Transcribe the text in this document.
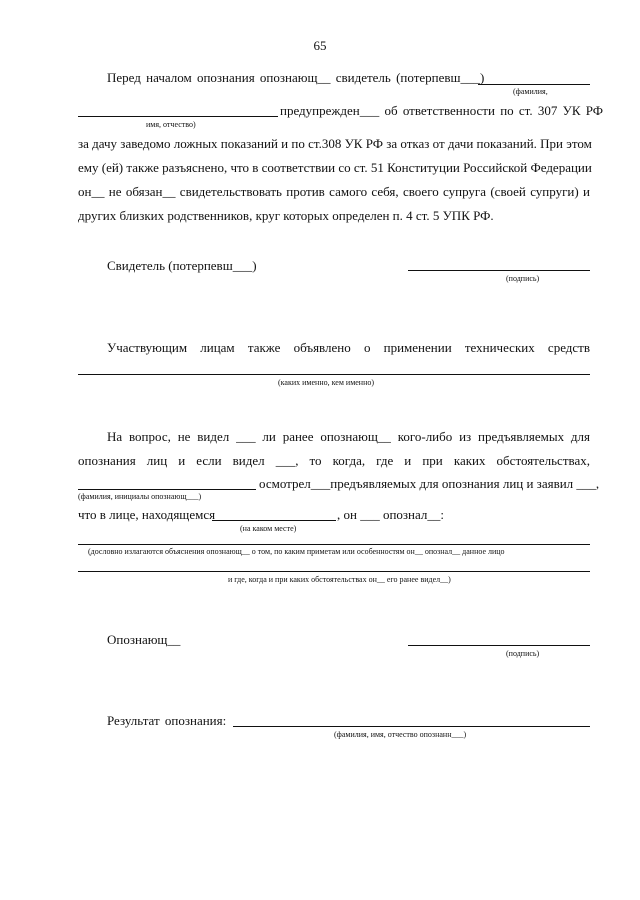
65
Перед началом опознания опознающ__ свидетель (потерпевш___)
(фамилия,
предупрежден___ об ответственности по ст. 307 УК РФ
имя, отчество)
за дачу заведомо ложных показаний и по ст.308 УК РФ за отказ от дачи показаний. При этом
ему (ей) также разъяснено, что в соответствии со ст. 51 Конституции Российской Федерации
он__ не обязан__ свидетельствовать против самого себя, своего супруга (своей супруги) и
других близких родственников, круг которых определен п. 4 ст. 5 УПК РФ.
Свидетель (потерпевш___)
(подпись)
Участвующим лицам также объявлено о применении технических средств
(каких именно, кем именно)
На вопрос, не видел ___ ли ранее опознающ__ кого-либо из предъявляемых для
опознания лиц и если видел ___, то когда, где и при каких обстоятельствах,
осмотрел___предъявляемых для опознания лиц и заявил ___,
(фамилия, инициалы опознающ___)
что в лице, находящемся	, он ___ опознал__:
(на каком месте)
(дословно излагаются объяснения опознающ__ о том, по каким приметам или особенностям он__ опознал__ данное лицо
и где, когда и при каких обстоятельствах он__ его ранее видел__)
Опознающ__
(подпись)
Результат опознания:
(фамилия, имя, отчество опознанн___)
